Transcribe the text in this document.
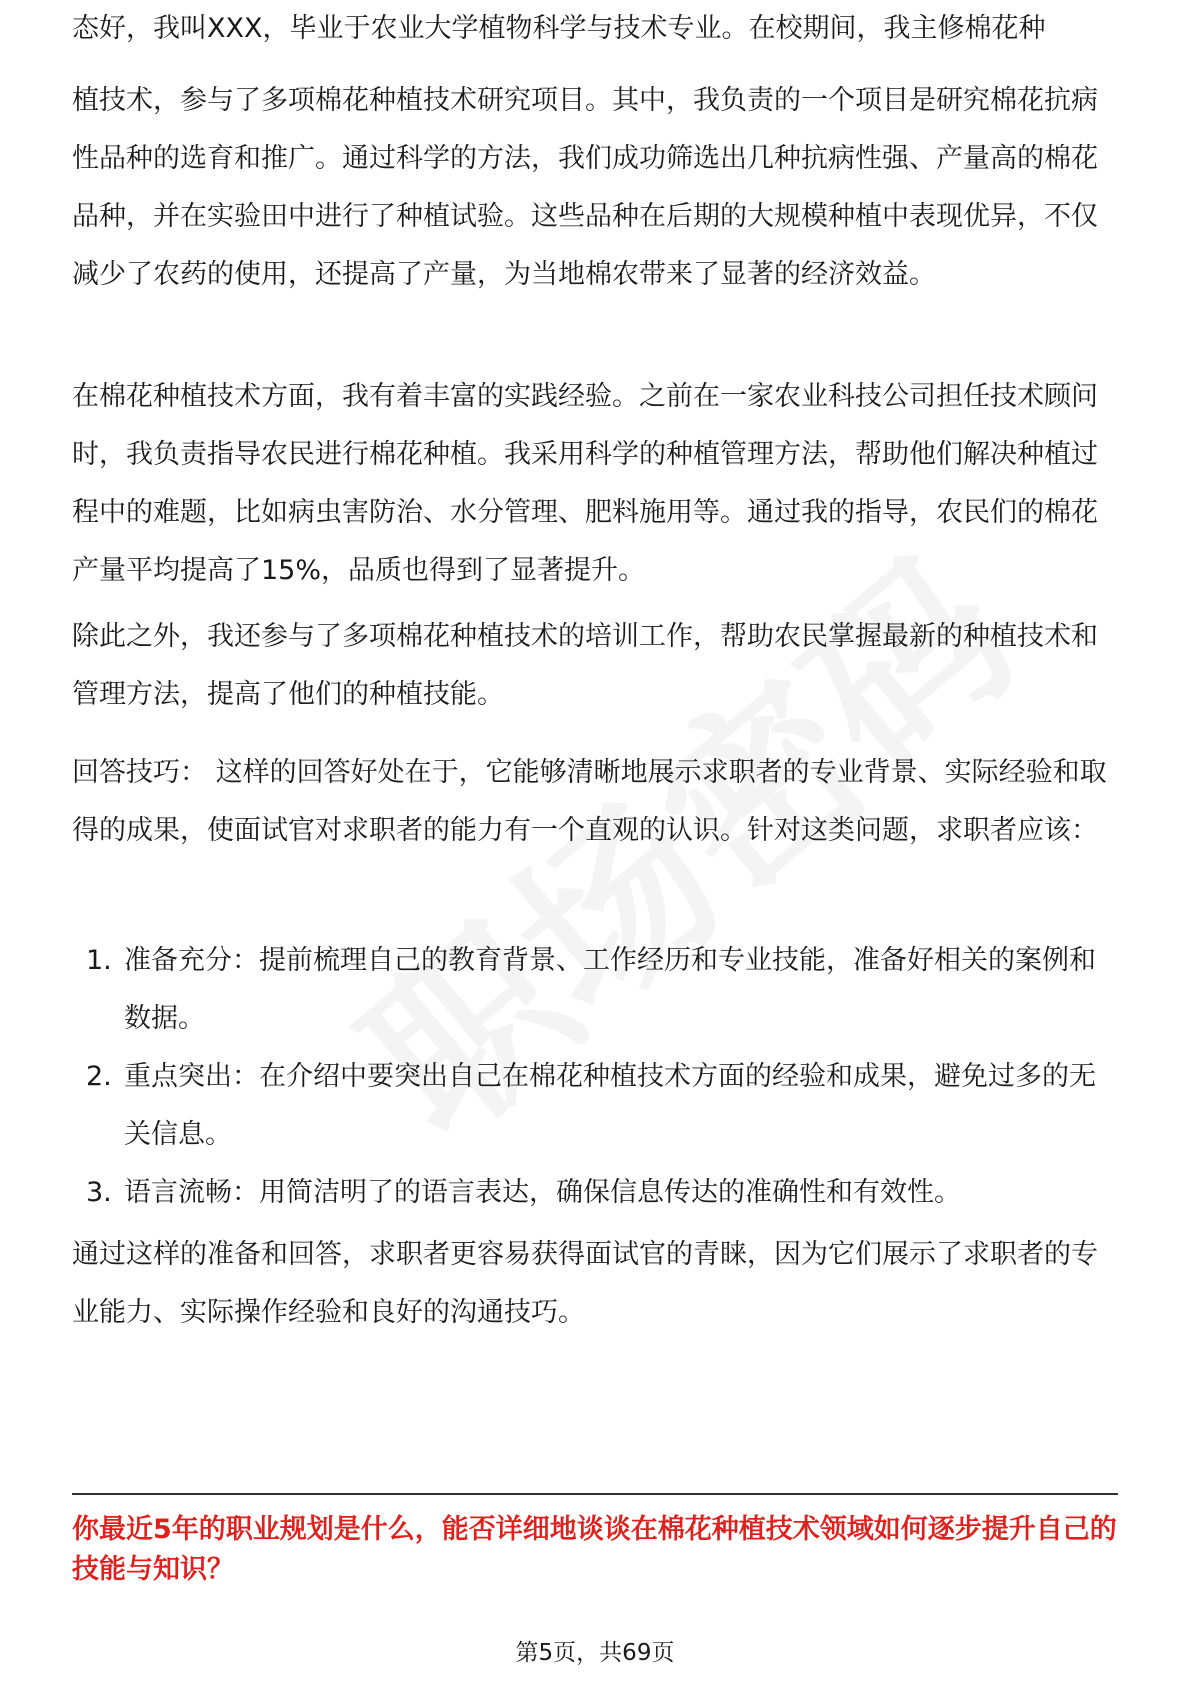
态好，我叫XXX，毕业于农业大学植物科学与技术专业。在校期间，我主修棉花种

植技术，参与了多项棉花种植技术研究项目。其中，我负责的一个项目是研究棉花抗病性品种的选育和推广。通过科学的方法，我们成功筛选出几种抗病性强、产量高的棉花品种，并在实验田中进行了种植试验。这些品种在后期的大规模种植中表现优异，不仅减少了农药的使用，还提高了产量，为当地棉农带来了显著的经济效益。

在棉花种植技术方面，我有着丰富的实践经验。之前在一家农业科技公司担任技术顾问时，我负责指导农民进行棉花种植。我采用科学的种植管理方法，帮助他们解决种植过程中的难题，比如病虫害防治、水分管理、肥料施用等。通过我的指导，农民们的棉花产量平均提高了15%，品质也得到了显著提升。

除此之外，我还参与了多项棉花种植技术的培训工作，帮助农民掌握最新的种植技术和管理方法，提高了他们的种植技能。

回答技巧： 这样的回答好处在于，它能够清晰地展示求职者的专业背景、实际经验和取得的成果，使面试官对求职者的能力有一个直观的认识。针对这类问题，求职者应该：

1. 准备充分：提前梳理自己的教育背景、工作经历和专业技能，准备好相关的案例和数据。
2. 重点突出：在介绍中要突出自己在棉花种植技术方面的经验和成果，避免过多的无关信息。
3. 语言流畅：用简洁明了的语言表达，确保信息传达的准确性和有效性。

通过这样的准备和回答，求职者更容易获得面试官的青睐，因为它们展示了求职者的专业能力、实际操作经验和良好的沟通技巧。

你最近5年的职业规划是什么，能否详细地谈谈在棉花种植技术领域如何逐步提升自己的技能与知识？

第5页，共69页
